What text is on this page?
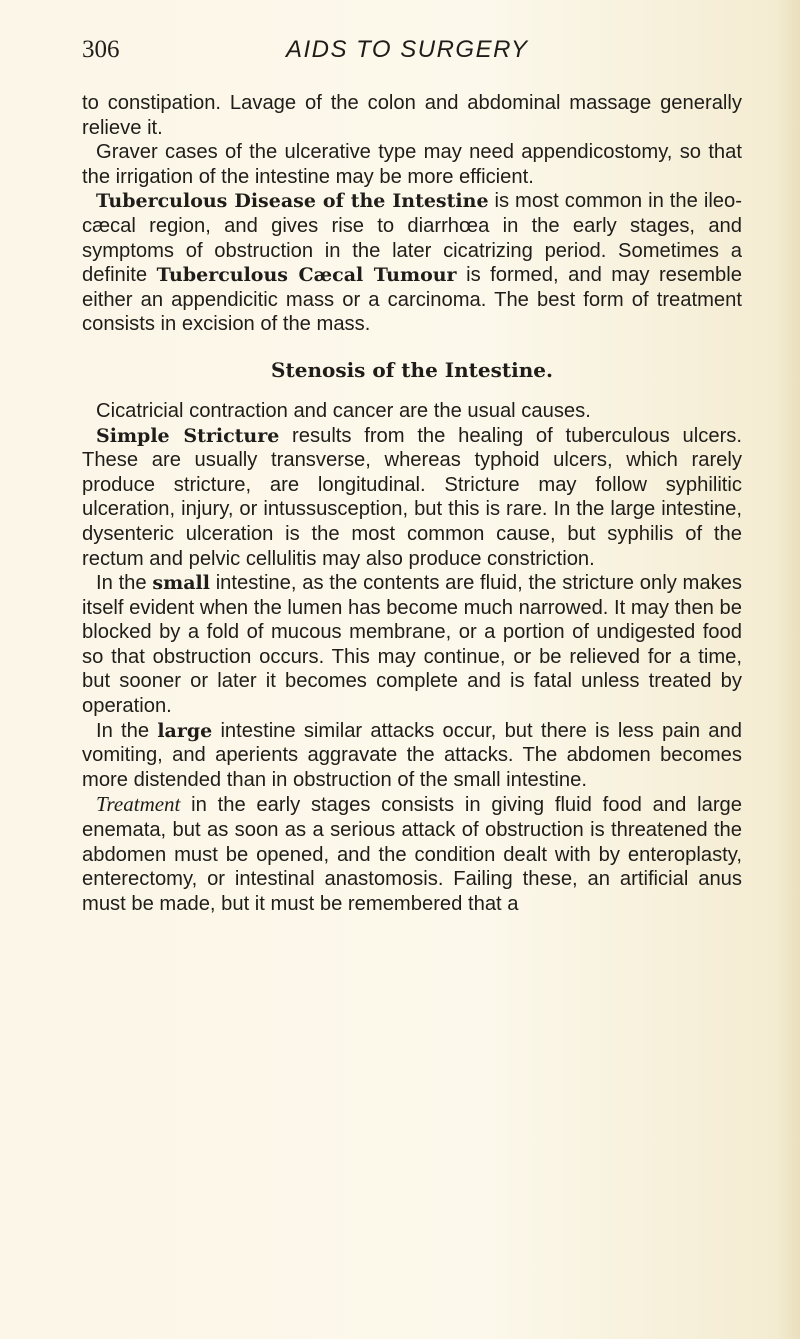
306	AIDS TO SURGERY

to constipation. Lavage of the colon and abdominal massage generally relieve it.

Graver cases of the ulcerative type may need appendicostomy, so that the irrigation of the intestine may be more efficient.

Tuberculous Disease of the Intestine is most common in the ileo-cæcal region, and gives rise to diarrhœa in the early stages, and symptoms of obstruction in the later cicatrizing period. Sometimes a definite Tuberculous Cæcal Tumour is formed, and may resemble either an appendicitic mass or a carcinoma. The best form of treatment consists in excision of the mass.

Stenosis of the Intestine.

Cicatricial contraction and cancer are the usual causes.

Simple Stricture results from the healing of tuberculous ulcers. These are usually transverse, whereas typhoid ulcers, which rarely produce stricture, are longitudinal. Stricture may follow syphilitic ulceration, injury, or intussusception, but this is rare. In the large intestine, dysenteric ulceration is the most common cause, but syphilis of the rectum and pelvic cellulitis may also produce constriction.

In the small intestine, as the contents are fluid, the stricture only makes itself evident when the lumen has become much narrowed. It may then be blocked by a fold of mucous membrane, or a portion of undigested food so that obstruction occurs. This may continue, or be relieved for a time, but sooner or later it becomes complete and is fatal unless treated by operation.

In the large intestine similar attacks occur, but there is less pain and vomiting, and aperients aggravate the attacks. The abdomen becomes more distended than in obstruction of the small intestine.

Treatment in the early stages consists in giving fluid food and large enemata, but as soon as a serious attack of obstruction is threatened the abdomen must be opened, and the condition dealt with by enteroplasty, enterectomy, or intestinal anastomosis. Failing these, an artificial anus must be made, but it must be remembered that a
